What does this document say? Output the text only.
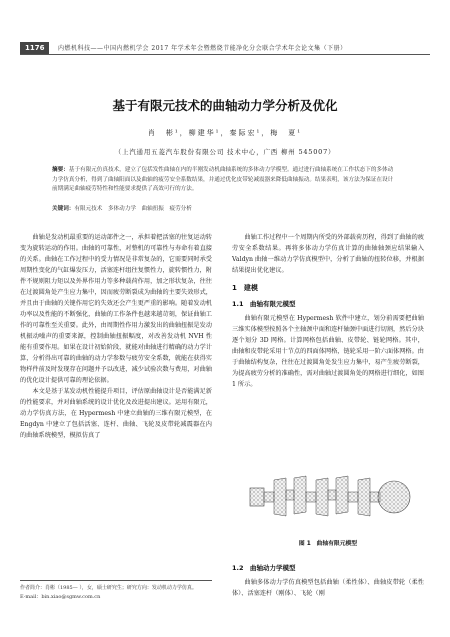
1176	内燃机科技——中国内燃机学会 2017 年学术年会暨燃烧节能净化分会联合学术年会论文集（下册）
基于有限元技术的曲轴动力学分析及优化
肖　彬¹，柳建华¹，秦际宏¹，梅　夏¹
（上汽通用五菱汽车股份有限公司 技术中心，广西 柳州 545007）
摘要：基于有限元仿真技术，建立了包括发性曲轴在内的半刚发动机曲轴系统的多体动力学模型。通过进行曲轴系统在工作状态下的多体动力学仿真分析，得到了曲轴阳面以及曲轴的疲劳安全系数结果，并通过优化皮带轮减震器来降低曲轴振动。结果表明，该方法为保证在设计前期满足曲轴疲劳特性和性能要求提供了高效可行的方法。
关键词：有限元技术　多体动力学　曲轴扭振　疲劳分析

曲轴是发动机最重要的运动部件之一，承担着把活塞的往复运动转变为旋转运动的作用。曲轴的可靠性，对整机的可靠性与寿命有着直接的关系。曲轴在工作过程中的受力情况是非常复杂的，它需要同时承受周期性变化的气缸爆发压力，活塞连杆组往复惯性力，旋转惯性力，附件不规则阻力矩以及外界作用力等多种载荷作用，加之形状复杂，往往在过渡圆角处产生应力集中，因而疲劳断裂成为曲轴的主要失效形式，并且由于曲轴的关键作用它的失效还会产生更严重的影响。随着发动机功率以及性能的不断强化，曲轴的工作条件也越来越苛刻，保证曲轴工作的可靠性至关重要。此外，由周期性作用力激发出的曲轴扭振是发动机振动噪声的重要来源，控制曲轴扭振幅度，对改善发动机 NVH 性能有重要作用。如果在设计初始阶段，就能对曲轴进行精确的动力学计算，分析得出可靠的曲轴的动力学参数与疲劳安全系数，就能在获得实物样件前及时发现存在问题并予以改进，减少试验次数与费用，对曲轴的优化设计提供可靠的理论依据。

本文是基于某发动机性能提升项目，评估原曲轴设计是否能满足新的性能要求，并对曲轴系统的设计优化及改进提出建议。运用有限元，动力学仿真方法，在 Hypermesh 中建立曲轴的三维有限元模型，在 Engdyn 中建立了包括活塞、连杆、曲轴、飞轮及皮带轮减震器在内的曲轴系统模型，模拟仿真了

曲轴工作过程中一个周期内所受的外部载荷历程，得到了曲轴的疲劳安全系数结果。再将多体动力学仿真计算的曲轴轴颈应结果输入 Valdyn 曲轴一维动力学仿真模型中，分析了曲轴的扭转位移，并根据结果提出优化建议。

1　建模
1.1　曲轴有限元模型

曲轴有限元模型在 Hypermesh 软件中建立，划分前需要把曲轴三维实体模型按照各个主轴颈中面和连杆轴颈中面进行切割，然后分块逐个划分 3D 网格。计算网格包括曲轴、皮带轮、链轮网格。其中，曲轴和皮带轮采用十节点的四面体网格，链轮采用一阶六面体网格。由于曲轴结构复杂，往往在过渡圆角处发生应力集中，易产生疲劳断裂，为提高疲劳分析的准确性，需对曲轴过渡圆角处的网格进行细化，如图 1 所示。

图 1　曲轴有限元模型
1.2　曲轴动力学模型

曲轴多体动力学仿真模型包括曲轴（柔性体）、曲轴皮带轮（柔性体）、活塞连杆（刚体）、飞轮（刚

作者简介：肖彬（1985— ），女，硕士研究生；研究方向：发动机动力学仿真。
E-mail：bin.xiao@sgmw.com.cn
